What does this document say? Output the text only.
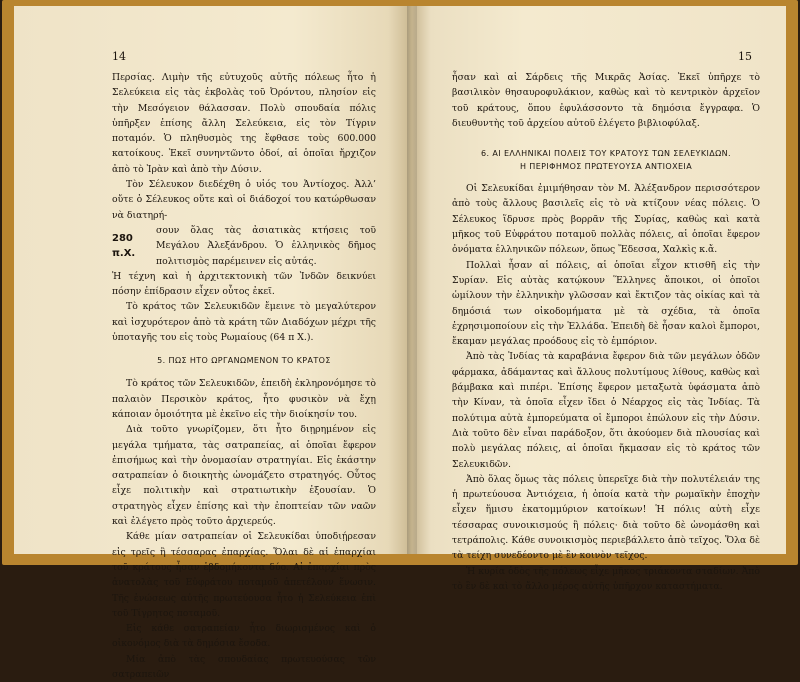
14

Περσίας. Λιμὴν τῆς εὐτυχοῦς αὐτῆς πόλεως ἦτο ἡ Σελεύκεια εἰς τὰς ἐκβολὰς τοῦ Ὀρόντου, πλησίον εἰς τὴν Μεσόγειον θάλασσαν. Πολὺ σπουδαία πόλις ὑπῆρξεν ἐπίσης ἄλλη Σελεύκεια, εἰς τὸν Τίγριν ποταμόν. Ὁ πληθυσμὸς της ἔφθασε τοὺς 600.000 κατοίκους. Ἐκεῖ συνηντῶντο ὁδοί, αἱ ὁποῖαι ἤρχιζον ἀπὸ τὸ Ἰρὰν καὶ ἀπὸ τὴν Δύσιν.

Τὸν Σέλευκον διεδέχθη ὁ υἱός του Ἀντίοχος. Ἀλλ’ οὔτε ὁ Σέλευκος οὔτε καὶ οἱ διάδοχοί του κατώρθωσαν νὰ διατηρή-

280 π.Χ.
σουν ὅλας τὰς ἀσιατικὰς κτήσεις τοῦ Μεγάλου Ἀλεξάνδρου. Ὁ ἑλληνικὸς δῆμος πολιτισμὸς παρέμεινεν εἰς αὐτάς.

Ἡ τέχνη καὶ ἡ ἀρχιτεκτονικὴ τῶν Ἰνδῶν δεικνύει πόσην ἐπίδρασιν εἶχεν οὗτος ἐκεῖ.

Τὸ κράτος τῶν Σελευκιδῶν ἔμεινε τὸ μεγαλύτερον καὶ ἰσχυρότερον ἀπὸ τὰ κράτη τῶν Διαδόχων μέχρι τῆς ὑποταγῆς του εἰς τοὺς Ρωμαίους (64 π Χ.).

5. ΠΩΣ ΗΤΟ ΩΡΓΑΝΩΜΕΝΟΝ ΤΟ ΚΡΑΤΟΣ

Τὸ κράτος τῶν Σελευκιδῶν, ἐπειδὴ ἐκληρονόμησε τὸ παλαιὸν Περσικὸν κράτος, ἦτο φυσικὸν νὰ ἔχῃ κάποιαν ὁμοιότητα μὲ ἐκεῖνο εἰς τὴν διοίκησίν του.

Διὰ τοῦτο γνωρίζομεν, ὅτι ἦτο διῃρημένον εἰς μεγάλα τμήματα, τὰς σατραπείας, αἱ ὁποῖαι ἔφερον ἐπισήμως καὶ τὴν ὀνομασίαν στρατηγίαι. Εἰς ἑκάστην σατραπείαν ὁ διοικητὴς ὠνομάζετο στρατηγός. Οὗτος εἶχε πολιτικὴν καὶ στρατιωτικὴν ἐξουσίαν. Ὁ στρατηγὸς εἶχεν ἐπίσης καὶ τὴν ἐποπτείαν τῶν ναῶν καὶ ἐλέγετο πρὸς τοῦτο ἀρχιερεύς.

Κάθε μίαν σατραπείαν οἱ Σελευκίδαι ὑποδιῄρεσαν εἰς τρεῖς ἢ τέσσαρας ἐπαρχίας. Ὅλαι δὲ αἱ ἐπαρχίαι τοῦ κράτους ἦσαν ἑβδομήκοντα δύο. Αἱ ἐπαρχίαι πρὸς ἀνατολὰς τοῦ Εὐφράτου ποταμοῦ ἀπετέλουν ἕνωσιν. Τῆς ἑνώσεως αὐτῆς πρωτεύουσα ἦτο ἡ Σελεύκεια ἐπὶ τοῦ Τίγρητος ποταμοῦ.

Εἰς κάθε σατραπείαν ἦτο διωρισμένος καὶ ὁ οἰκονόμος διὰ τὰ δημόσια ἔσοδα.

Μία ἀπὸ τὰς σπουδαίας πρωτευούσας τῶν σατραπειῶν

15

ἦσαν καὶ αἱ Σάρδεις τῆς Μικρᾶς Ἀσίας. Ἐκεῖ ὑπῆρχε τὸ βασιλικὸν θησαυροφυλάκιον, καθὼς καὶ τὸ κεντρικὸν ἀρχεῖον τοῦ κράτους, ὅπου ἐφυλάσσοντο τὰ δημόσια ἔγγραφα. Ὁ διευθυντὴς τοῦ ἀρχείου αὐτοῦ ἐλέγετο βιβλιοφύλαξ.

6. ΑΙ ΕΛΛΗΝΙΚΑΙ ΠΟΛΕΙΣ ΤΟΥ ΚΡΑΤΟΥΣ ΤΩΝ ΣΕΛΕΥΚΙΔΩΝ.
Η ΠΕΡΙΦΗΜΟΣ ΠΡΩΤΕΥΟΥΣΑ ΑΝΤΙΟΧΕΙΑ

Οἱ Σελευκίδαι ἐμιμήθησαν τὸν Μ. Ἀλέξανδρον περισσότερον ἀπὸ τοὺς ἄλλους βασιλεῖς εἰς τὸ νὰ κτίζουν νέας πόλεις. Ὁ Σέλευκος ἵδρυσε πρὸς βορρᾶν τῆς Συρίας, καθὼς καὶ κατὰ μῆκος τοῦ Εὐφράτου ποταμοῦ πολλὰς πόλεις, αἱ ὁποῖαι ἔφερον ὀνόματα ἑλληνικῶν πόλεων, ὅπως Ἔδεσσα, Χαλκὶς κ.ἄ.

Πολλαὶ ἦσαν αἱ πόλεις, αἱ ὁποῖαι εἶχον κτισθῆ εἰς τὴν Συρίαν. Εἰς αὐτὰς κατῴκουν Ἕλληνες ἄποικοι, οἱ ὁποῖοι ὡμίλουν τὴν ἑλληνικὴν γλῶσσαν καὶ ἔκτιζον τὰς οἰκίας καὶ τὰ δημόσιά των οἰκοδομήματα μὲ τὰ σχέδια, τὰ ὁποῖα ἐχρησιμοποίουν εἰς τὴν Ἑλλάδα. Ἐπειδὴ δὲ ἦσαν καλοὶ ἔμποροι, ἔκαμαν μεγάλας προόδους εἰς τὸ ἐμπόριον.

Ἀπὸ τὰς Ἰνδίας τὰ καραβάνια ἔφερον διὰ τῶν μεγάλων ὁδῶν φάρμακα, ἀδάμαντας καὶ ἄλλους πολυτίμους λίθους, καθὼς καὶ βάμβακα καὶ πιπέρι. Ἐπίσης ἔφερον μεταξωτὰ ὑφάσματα ἀπὸ τὴν Κίναν, τὰ ὁποῖα εἶχεν ἴδει ὁ Νέαρχος εἰς τὰς Ἰνδίας. Τὰ πολύτιμα αὐτὰ ἐμπορεύματα οἱ ἔμποροι ἐπώλουν εἰς τὴν Δύσιν. Διὰ τοῦτο δὲν εἶναι παράδοξον, ὅτι ἀκούομεν διὰ πλουσίας καὶ πολὺ μεγάλας πόλεις, αἱ ὁποῖαι ἤκμασαν εἰς τὸ κράτος τῶν Σελευκιδῶν.

Ἀπὸ ὅλας ὅμως τὰς πόλεις ὑπερεῖχε διὰ τὴν πολυτέλειάν της ἡ πρωτεύουσα Ἀντιόχεια, ἡ ὁποία κατὰ τὴν ρωμαϊκὴν ἐποχὴν εἶχεν ἥμισυ ἑκατομμύριον κατοίκων! Ἡ πόλις αὐτὴ εἶχε τέσσαρας συνοικισμούς ἢ πόλεις· διὰ τοῦτο δὲ ὠνομάσθη καὶ τετράπολις. Κάθε συνοικισμὸς περιεβάλλετο ἀπὸ τεῖχος. Ὅλα δὲ τὰ τείχη συνεδέοντο μὲ ἓν κοινὸν τεῖχος.

Ἡ κυρία ὁδὸς τῆς πόλεως εἶχε μῆκος τριάκοντα σταδίων. Ἀπὸ τὸ ἓν δὲ καὶ τὸ ἄλλο μέρος αὐτῆς ὑπῆρχον καταστήματα.
